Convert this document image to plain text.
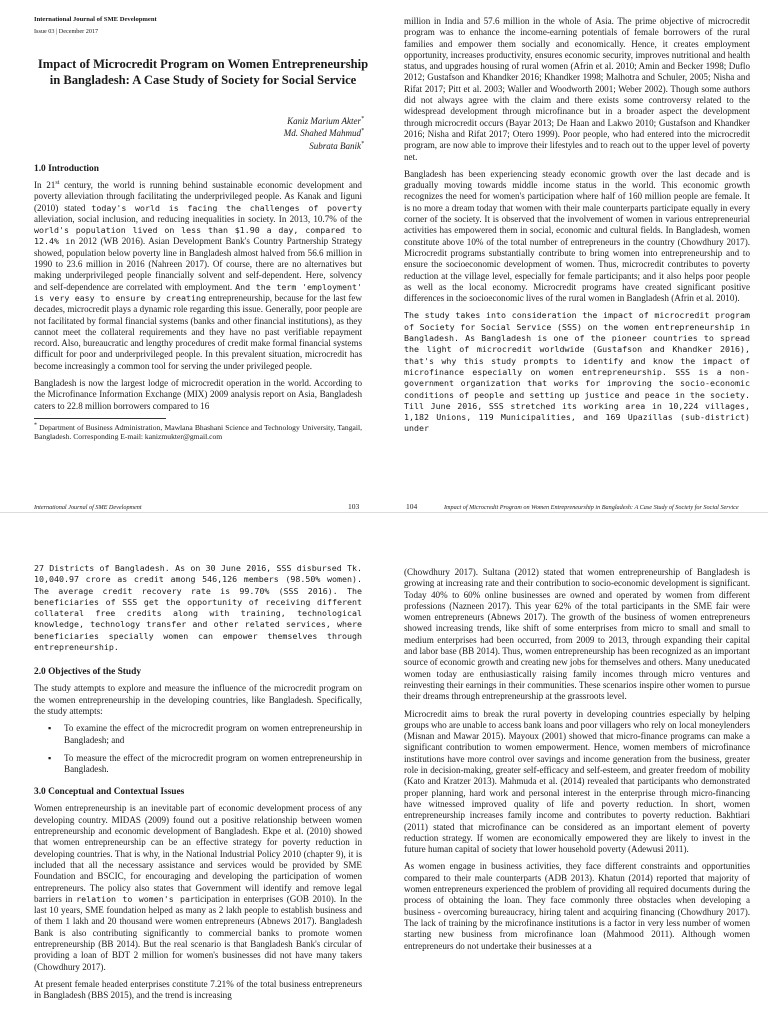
International Journal of SME Development
Issue 03 | December 2017
Impact of Microcredit Program on Women Entrepreneurship in Bangladesh: A Case Study of Society for Social Service
Kaniz Marium Akter*
Md. Shahed Mahmud*
Subrata Banik*
1.0 Introduction

In 21st century, the world is running behind sustainable economic development and poverty alleviation through facilitating the underprivileged people. As Kanak and Iiguni (2010) stated today's world is facing the challenges of poverty alleviation, social inclusion, and reducing inequalities in society. In 2013, 10.7% of the world's population lived on less than $1.90 a day, compared to 12.4% in 2012 (WB 2016). Asian Development Bank's Country Partnership Strategy showed, population below poverty line in Bangladesh almost halved from 56.6 million in 1990 to 23.6 million in 2016 (Nahreen 2017). Of course, there are no alternatives but making underprivileged people financially solvent and self-dependent. Here, solvency and self-dependence are correlated with employment. And the term 'employment' is very easy to ensure by creating entrepreneurship, because for the last few decades, microcredit plays a dynamic role regarding this issue. Generally, poor people are not facilitated by formal financial systems (banks and other financial institutions), as they cannot meet the collateral requirements and they have no past verifiable repayment record. Also, bureaucratic and lengthy procedures of credit make formal financial systems difficult for poor and underprivileged people. In this prevalent situation, microcredit has become increasingly a common tool for serving the under privileged people.

Bangladesh is now the largest lodge of microcredit operation in the world. According to the Microfinance Information Exchange (MIX) 2009 analysis report on Asia, Bangladesh caters to 22.8 million borrowers compared to 16

* Department of Business Administration, Mawlana Bhashani Science and Technology University, Tangail, Bangladesh. Corresponding E-mail: kanizmukter@gmail.com
International Journal of SME Development	103

million in India and 57.6 million in the whole of Asia. The prime objective of microcredit program was to enhance the income-earning potentials of female borrowers of the rural families and empower them socially and economically. Hence, it creates employment opportunity, increases productivity, ensures economic security, improves nutritional and health status, and upgrades housing of rural women (Afrin et al. 2010; Amin and Becker 1998; Duflo 2012; Gustafson and Khandker 2016; Khandker 1998; Malhotra and Schuler, 2005; Nisha and Rifat 2017; Pitt et al. 2003; Waller and Woodworth 2001; Weber 2002). Though some authors did not always agree with the claim and there exists some controversy related to the widespread development through microfinance but in a broader aspect the development through microcredit occurs (Bayar 2013; De Haan and Lakwo 2010; Gustafson and Khandker 2016; Nisha and Rifat 2017; Otero 1999). Poor people, who had entered into the microcredit program, are now able to improve their lifestyles and to reach out to the upper level of poverty net.

Bangladesh has been experiencing steady economic growth over the last decade and is gradually moving towards middle income status in the world. This economic growth recognizes the need for women's participation where half of 160 million people are female. It is no more a dream today that women with their male counterparts participate equally in every corner of the society. It is observed that the involvement of women in various entrepreneurial activities has empowered them in social, economic and cultural fields. In Bangladesh, women constitute above 10% of the total number of entrepreneurs in the country (Chowdhury 2017). Microcredit programs substantially contribute to bring women into entrepreneurship and to ensure the socioeconomic development of women. Thus, microcredit contributes to poverty reduction at the village level, especially for female participants; and it also helps poor people as well as the local economy. Microcredit programs have created significant positive differences in the socioeconomic lives of the rural women in Bangladesh (Afrin et al. 2010).

The study takes into consideration the impact of microcredit program of Society for Social Service (SSS) on the women entrepreneurship in Bangladesh. As Bangladesh is one of the pioneer countries to spread the light of microcredit worldwide (Gustafson and Khandker 2016), that's why this study prompts to identify and know the impact of microfinance especially on women entrepreneurship. SSS is a non-government organization that works for improving the socio-economic conditions of people and setting up justice and peace in the society. Till June 2016, SSS stretched its working area in 10,224 villages, 1,182 Unions, 119 Municipalities, and 169 Upazillas (sub-district) under

104	Impact of Microcredit Program on Women Entrepreneurship in Bangladesh: A Case Study of Society for Social Service

27 Districts of Bangladesh. As on 30 June 2016, SSS disbursed Tk. 10,040.97 crore as credit among 546,126 members (98.50% women). The average credit recovery rate is 99.70% (SSS 2016). The beneficiaries of SSS get the opportunity of receiving different collateral free credits along with training, technological knowledge, technology transfer and other related services, where beneficiaries specially women can empower themselves through entrepreneurship.

2.0 Objectives of the Study

The study attempts to explore and measure the influence of the microcredit program on the women entrepreneurship in the developing countries, like Bangladesh. Specifically, the study attempts:

▪ To examine the effect of the microcredit program on women entrepreneurship in Bangladesh; and
▪ To measure the effect of the microcredit program on women entrepreneurship in Bangladesh.
3.0 Conceptual and Contextual Issues

Women entrepreneurship is an inevitable part of economic development process of any developing country. MIDAS (2009) found out a positive relationship between women entrepreneurship and economic development of Bangladesh. Ekpe et al. (2010) showed that women entrepreneurship can be an effective strategy for poverty reduction in developing countries. That is why, in the National Industrial Policy 2010 (chapter 9), it is included that all the necessary assistance and services would be provided by SME Foundation and BSCIC, for encouraging and developing the participation of women entrepreneurs. The policy also states that Government will identify and remove legal barriers in relation to women's participation in enterprises (GOB 2010). In the last 10 years, SME foundation helped as many as 2 lakh people to establish business and of them 1 lakh and 20 thousand were women entrepreneurs (Abnews 2017). Bangladesh Bank is also contributing significantly to commercial banks to promote women entrepreneurship (BB 2014). But the real scenario is that Bangladesh Bank's circular of providing a loan of BDT 2 million for women's businesses did not have many takers (Chowdhury 2017).

At present female headed enterprises constitute 7.21% of the total business entrepreneurs in Bangladesh (BBS 2015), and the trend is increasing

(Chowdhury 2017). Sultana (2012) stated that women entrepreneurship of Bangladesh is growing at increasing rate and their contribution to socio-economic development is significant. Today 40% to 60% online businesses are owned and operated by women from different professions (Nazneen 2017). This year 62% of the total participants in the SME fair were women entrepreneurs (Abnews 2017). The growth of the business of women entrepreneurs showed increasing trends, like shift of some enterprises from micro to small and small to medium enterprises had been occurred, from 2009 to 2013, through expanding their capital and labor base (BB 2014). Thus, women entrepreneurship has been recognized as an important source of economic growth and creating new jobs for themselves and others. Many uneducated women today are enthusiastically raising family incomes through micro ventures and reinvesting their earnings in their communities. These scenarios inspire other women to pursue their dreams through entrepreneurship at the grassroots level.

Microcredit aims to break the rural poverty in developing countries especially by helping groups who are unable to access bank loans and poor villagers who rely on local moneylenders (Misnan and Mawar 2015). Mayoux (2001) showed that micro-finance programs can make a significant contribution to women empowerment. Hence, women members of microfinance institutions have more control over savings and income generation from the business, greater role in decision-making, greater self-efficacy and self-esteem, and greater freedom of mobility (Kato and Kratzer 2013). Mahmuda et al. (2014) revealed that participants who demonstrated proper planning, hard work and personal interest in the enterprise through micro-financing have witnessed improved quality of life and poverty reduction. In short, women entrepreneurship increases family income and contributes to poverty reduction. Bakhtiari (2011) stated that microfinance can be considered as an important element of poverty reduction strategy. If women are economically empowered they are likely to invest in the future human capital of society that lower household poverty (Adewusi 2011).

As women engage in business activities, they face different constraints and opportunities compared to their male counterparts (ADB 2013). Khatun (2014) reported that majority of women entrepreneurs experienced the problem of providing all required documents during the process of obtaining the loan. They face commonly three obstacles when developing a business - overcoming bureaucracy, hiring talent and acquiring financing (Chowdhury 2017). The lack of training by the microfinance institutions is a factor in very less number of women starting new business from microfinance loan (Mahmood 2011). Although women entrepreneurs do not undertake their businesses at a
